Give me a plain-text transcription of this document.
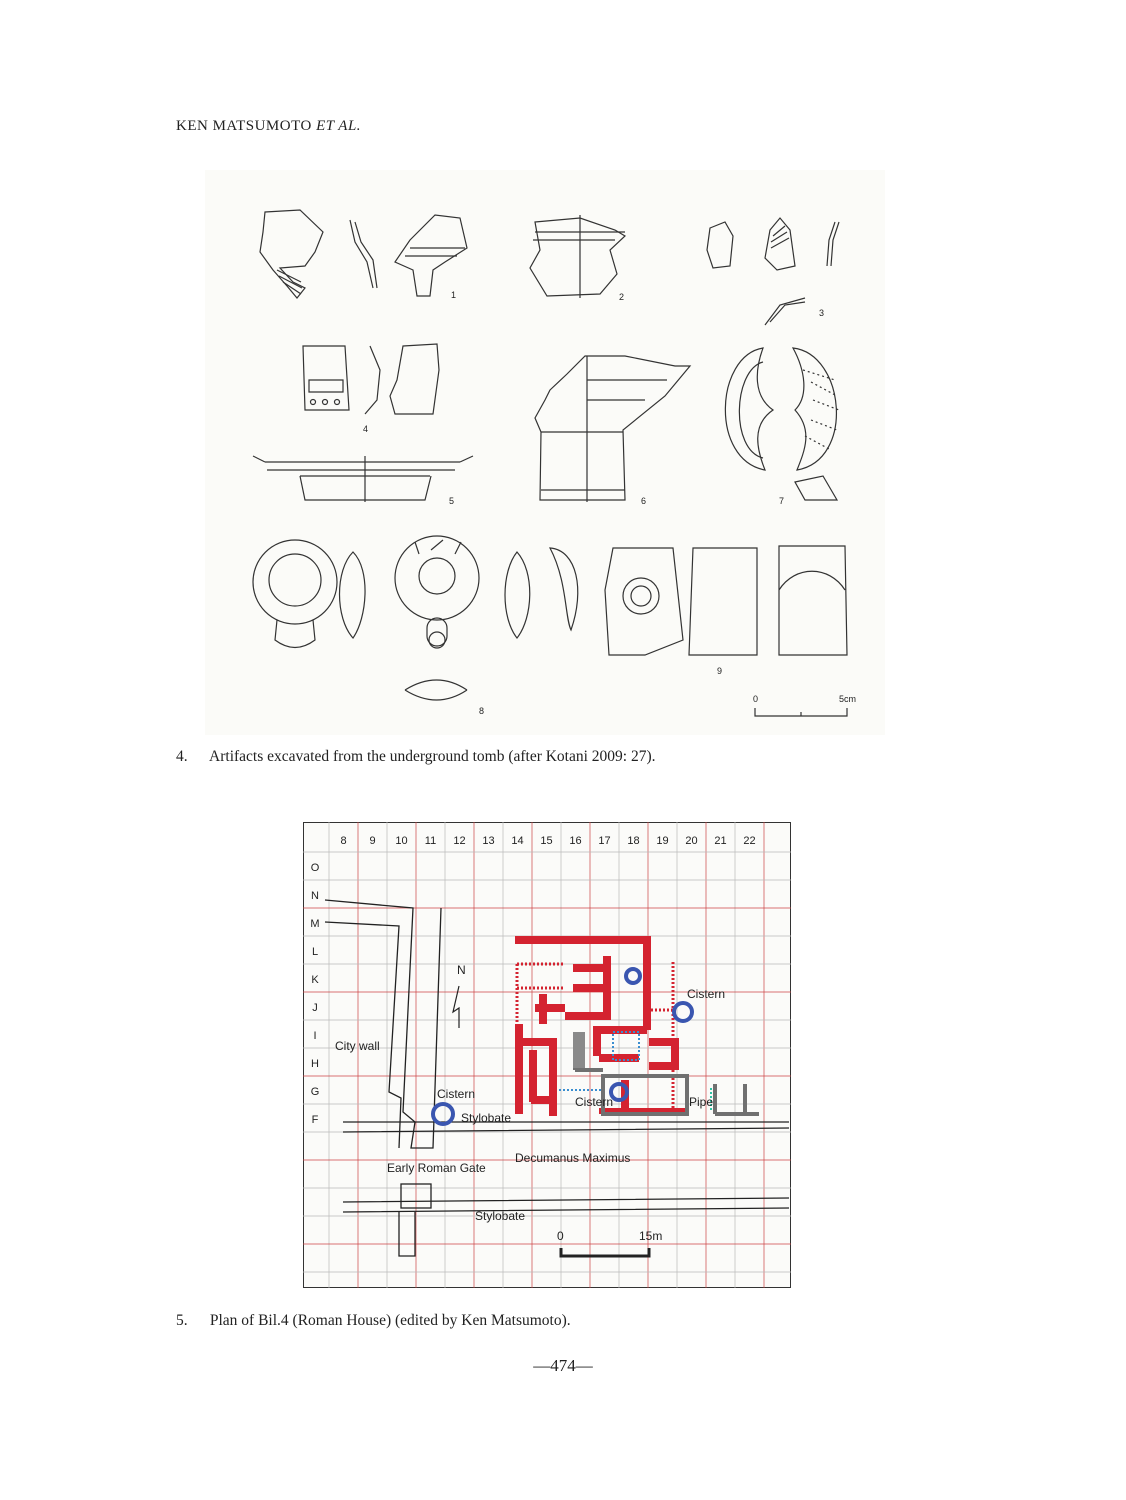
KEN MATSUMOTO ET AL.
1	2
3
4
5	6	7
8
9
0	5cm
4. Artifacts excavated from the underground tomb (after Kotani 2009: 27).
8 9 10 11 12 13 14 15 16 17 18 19 20 21 22
O
N
M
L
K
J
I
H
G
F
N
City wall
Cistern
Stylobate
Cistern
Cistern	Pipe
Decumanus Maximus
Early Roman Gate
Stylobate
0	15m
5. Plan of Bil.4 (Roman House) (edited by Ken Matsumoto).
—474—
